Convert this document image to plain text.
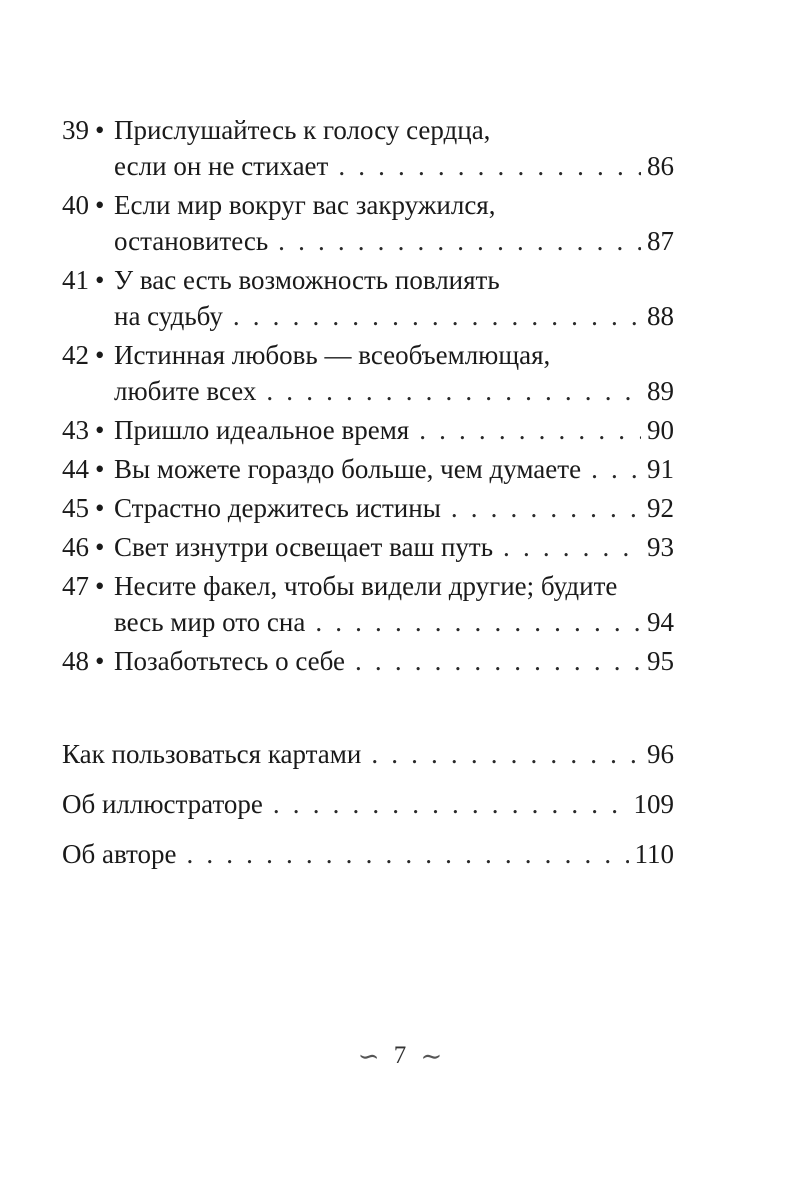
39 • Прислушайтесь к голосу сердца,
если он не стихает . . .	86
40 • Если мир вокруг вас закружился,
остановитесь . . .	87
41 • У вас есть возможность повлиять
на судьбу . . .	88
42 • Истинная любовь — всеобъемлющая,
любите всех . . .	89
43 • Пришло идеальное время . . .	90
44 • Вы можете гораздо больше, чем думаете . . . 91
45 • Страстно держитесь истины . . .	92
46 • Свет изнутри освещает ваш путь . . .	93
47 • Несите факел, чтобы видели другие; будите
весь мир ото сна . . .	94
48 • Позаботьтесь о себе . . .	95
Как пользоваться картами . . .	96
Об иллюстраторе . . .	109
Об авторе . . .	110
∽ 7 ∼
